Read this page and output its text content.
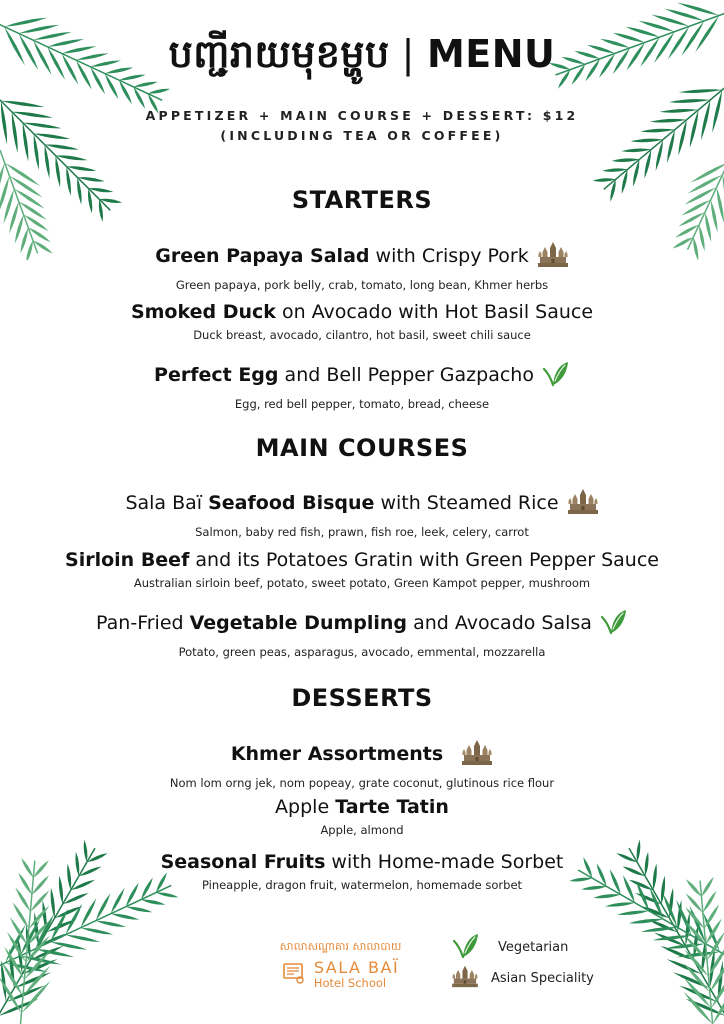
បញ្ជីរាយមុខម្ហូប | MENU
APPETIZER + MAIN COURSE + DESSERT: $12
(INCLUDING TEA OR COFFEE)
STARTERS
Green Papaya Salad with Crispy Pork
Green papaya, pork belly, crab, tomato, long bean, Khmer herbs
Smoked Duck on Avocado with Hot Basil Sauce
Duck breast, avocado, cilantro, hot basil, sweet chili sauce
Perfect Egg and Bell Pepper Gazpacho
Egg, red bell pepper, tomato, bread, cheese
MAIN COURSES
Sala Baï Seafood Bisque with Steamed Rice
Salmon, baby red fish, prawn, fish roe, leek, celery, carrot
Sirloin Beef and its Potatoes Gratin with Green Pepper Sauce
Australian sirloin beef, potato, sweet potato, Green Kampot pepper, mushroom
Pan-Fried Vegetable Dumpling and Avocado Salsa
Potato, green peas, asparagus, avocado, emmental, mozzarella
DESSERTS
Khmer Assortments
Nom lom orng jek, nom popeay, grate coconut, glutinous rice flour
Apple Tarte Tatin
Apple, almond
Seasonal Fruits with Home-made Sorbet
Pineapple, dragon fruit, watermelon, homemade sorbet
សាលាសណ្ឋាគារ សាលាបាយ
SALA BAÏ
Hotel School
Vegetarian
Asian Speciality
